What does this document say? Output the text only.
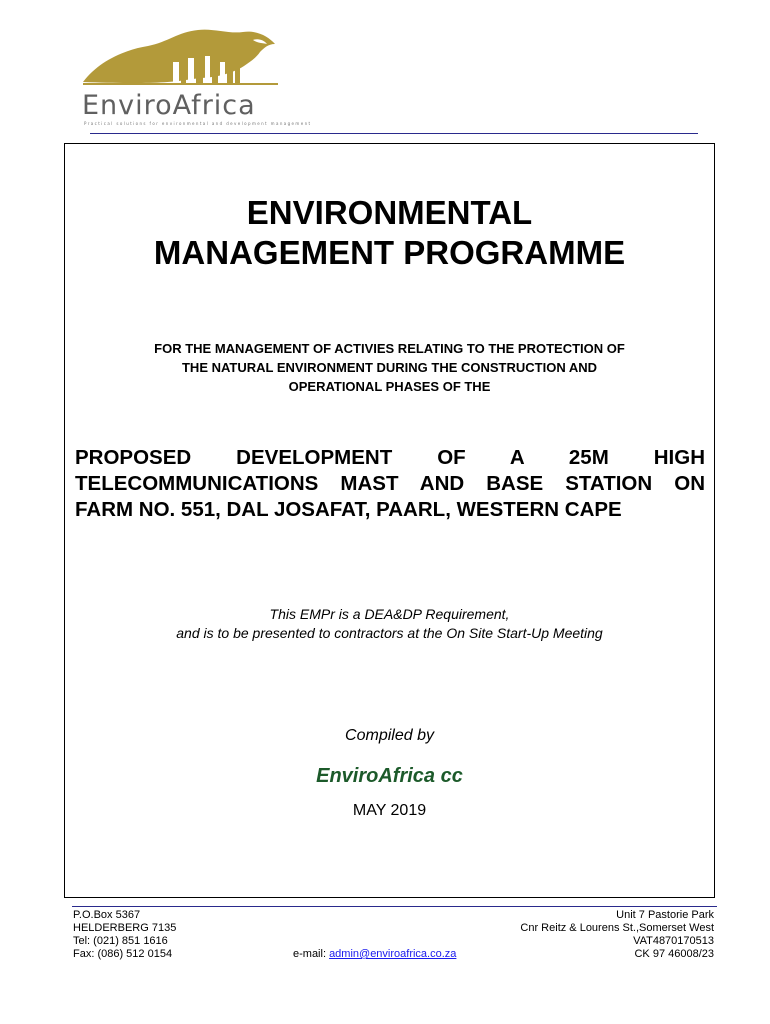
EnviroAfrica
Practical solutions for environmental and development management
ENVIRONMENTAL
MANAGEMENT PROGRAMME

FOR THE MANAGEMENT OF ACTIVIES RELATING TO THE PROTECTION OF
THE NATURAL ENVIRONMENT DURING THE CONSTRUCTION AND
OPERATIONAL PHASES OF THE

PROPOSED DEVELOPMENT OF A 25M HIGH
TELECOMMUNICATIONS MAST AND BASE STATION ON
FARM NO. 551, DAL JOSAFAT, PAARL, WESTERN CAPE

This EMPr is a DEA&DP Requirement,
and is to be presented to contractors at the On Site Start-Up Meeting

Compiled by

EnviroAfrica cc

MAY 2019

P.O.Box 5367
HELDERBERG 7135
Tel: (021) 851 1616
Fax: (086) 512 0154	e-mail: admin@enviroafrica.co.za
Unit 7 Pastorie Park
Cnr Reitz & Lourens St.,Somerset West
VAT4870170513
CK 97 46008/23
